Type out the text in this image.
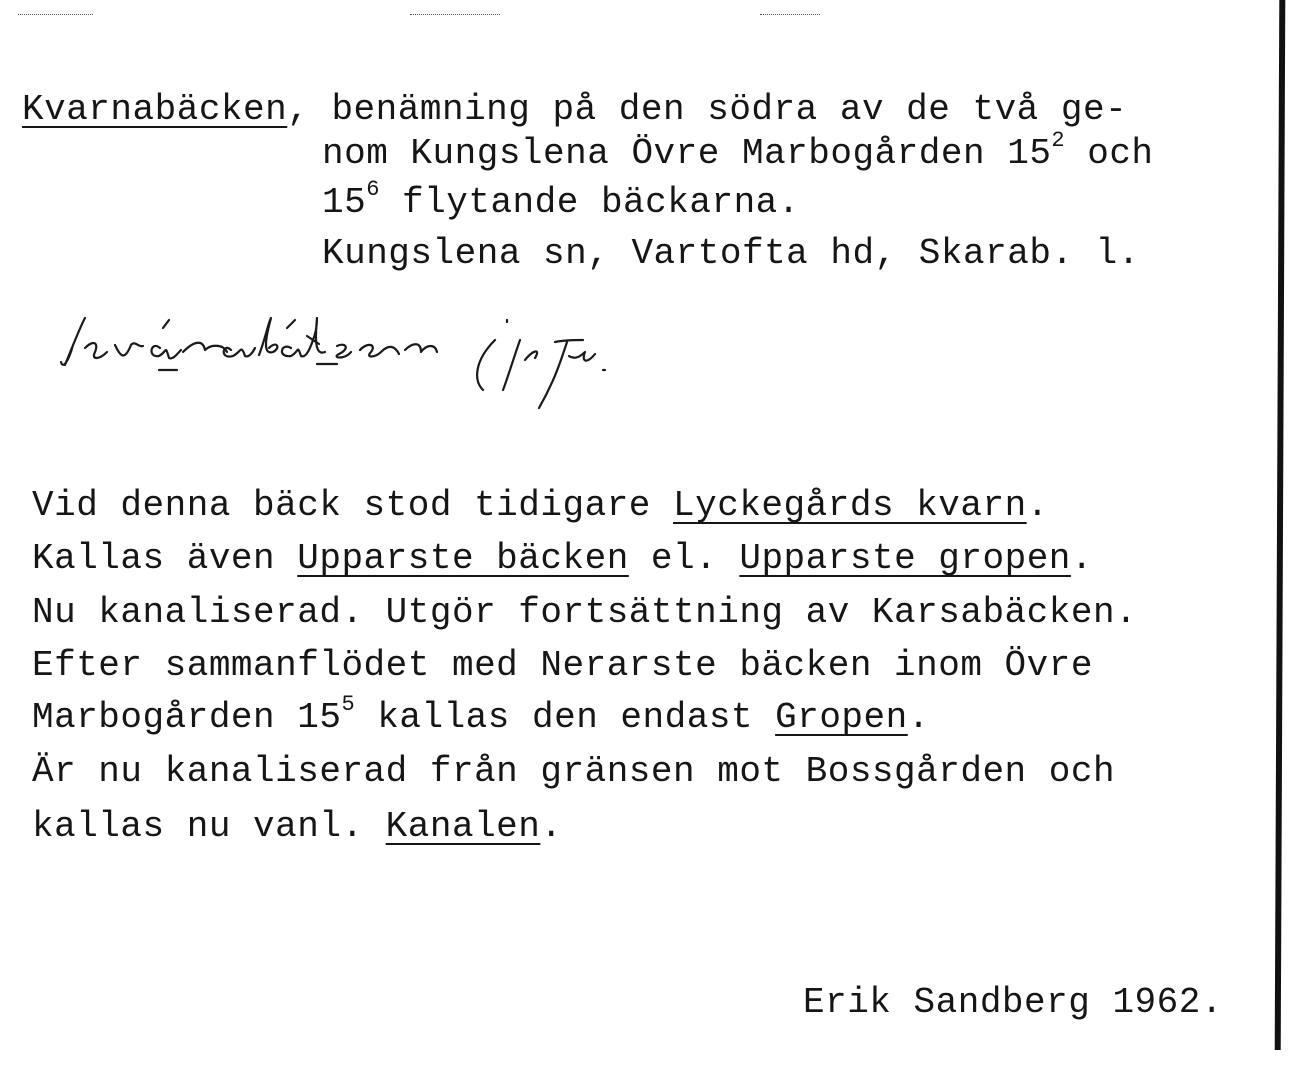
Kvarnabäcken, benämning på den södra av de två ge-
nom Kungslena Övre Marbogården $15^2$ och
$15^6$ flytande bäckarna.
Kungslena sn, Vartofta hd, Skarab. l.
kvårnabäk:ən (K.Fu).
Vid denna bäck stod tidigare Lyckegårds kvarn.
Kallas även Upparste bäcken el. Upparste gropen.
Nu kanaliserad. Utgör fortsättning av Karsabäcken.
Efter sammanflödet med Nerarste bäcken inom Övre
Marbogården $15^5$ kallas den endast Gropen.
Är nu kanaliserad från gränsen mot Bossgården och
kallas nu vanl. Kanalen.
Erik Sandberg 1962.
